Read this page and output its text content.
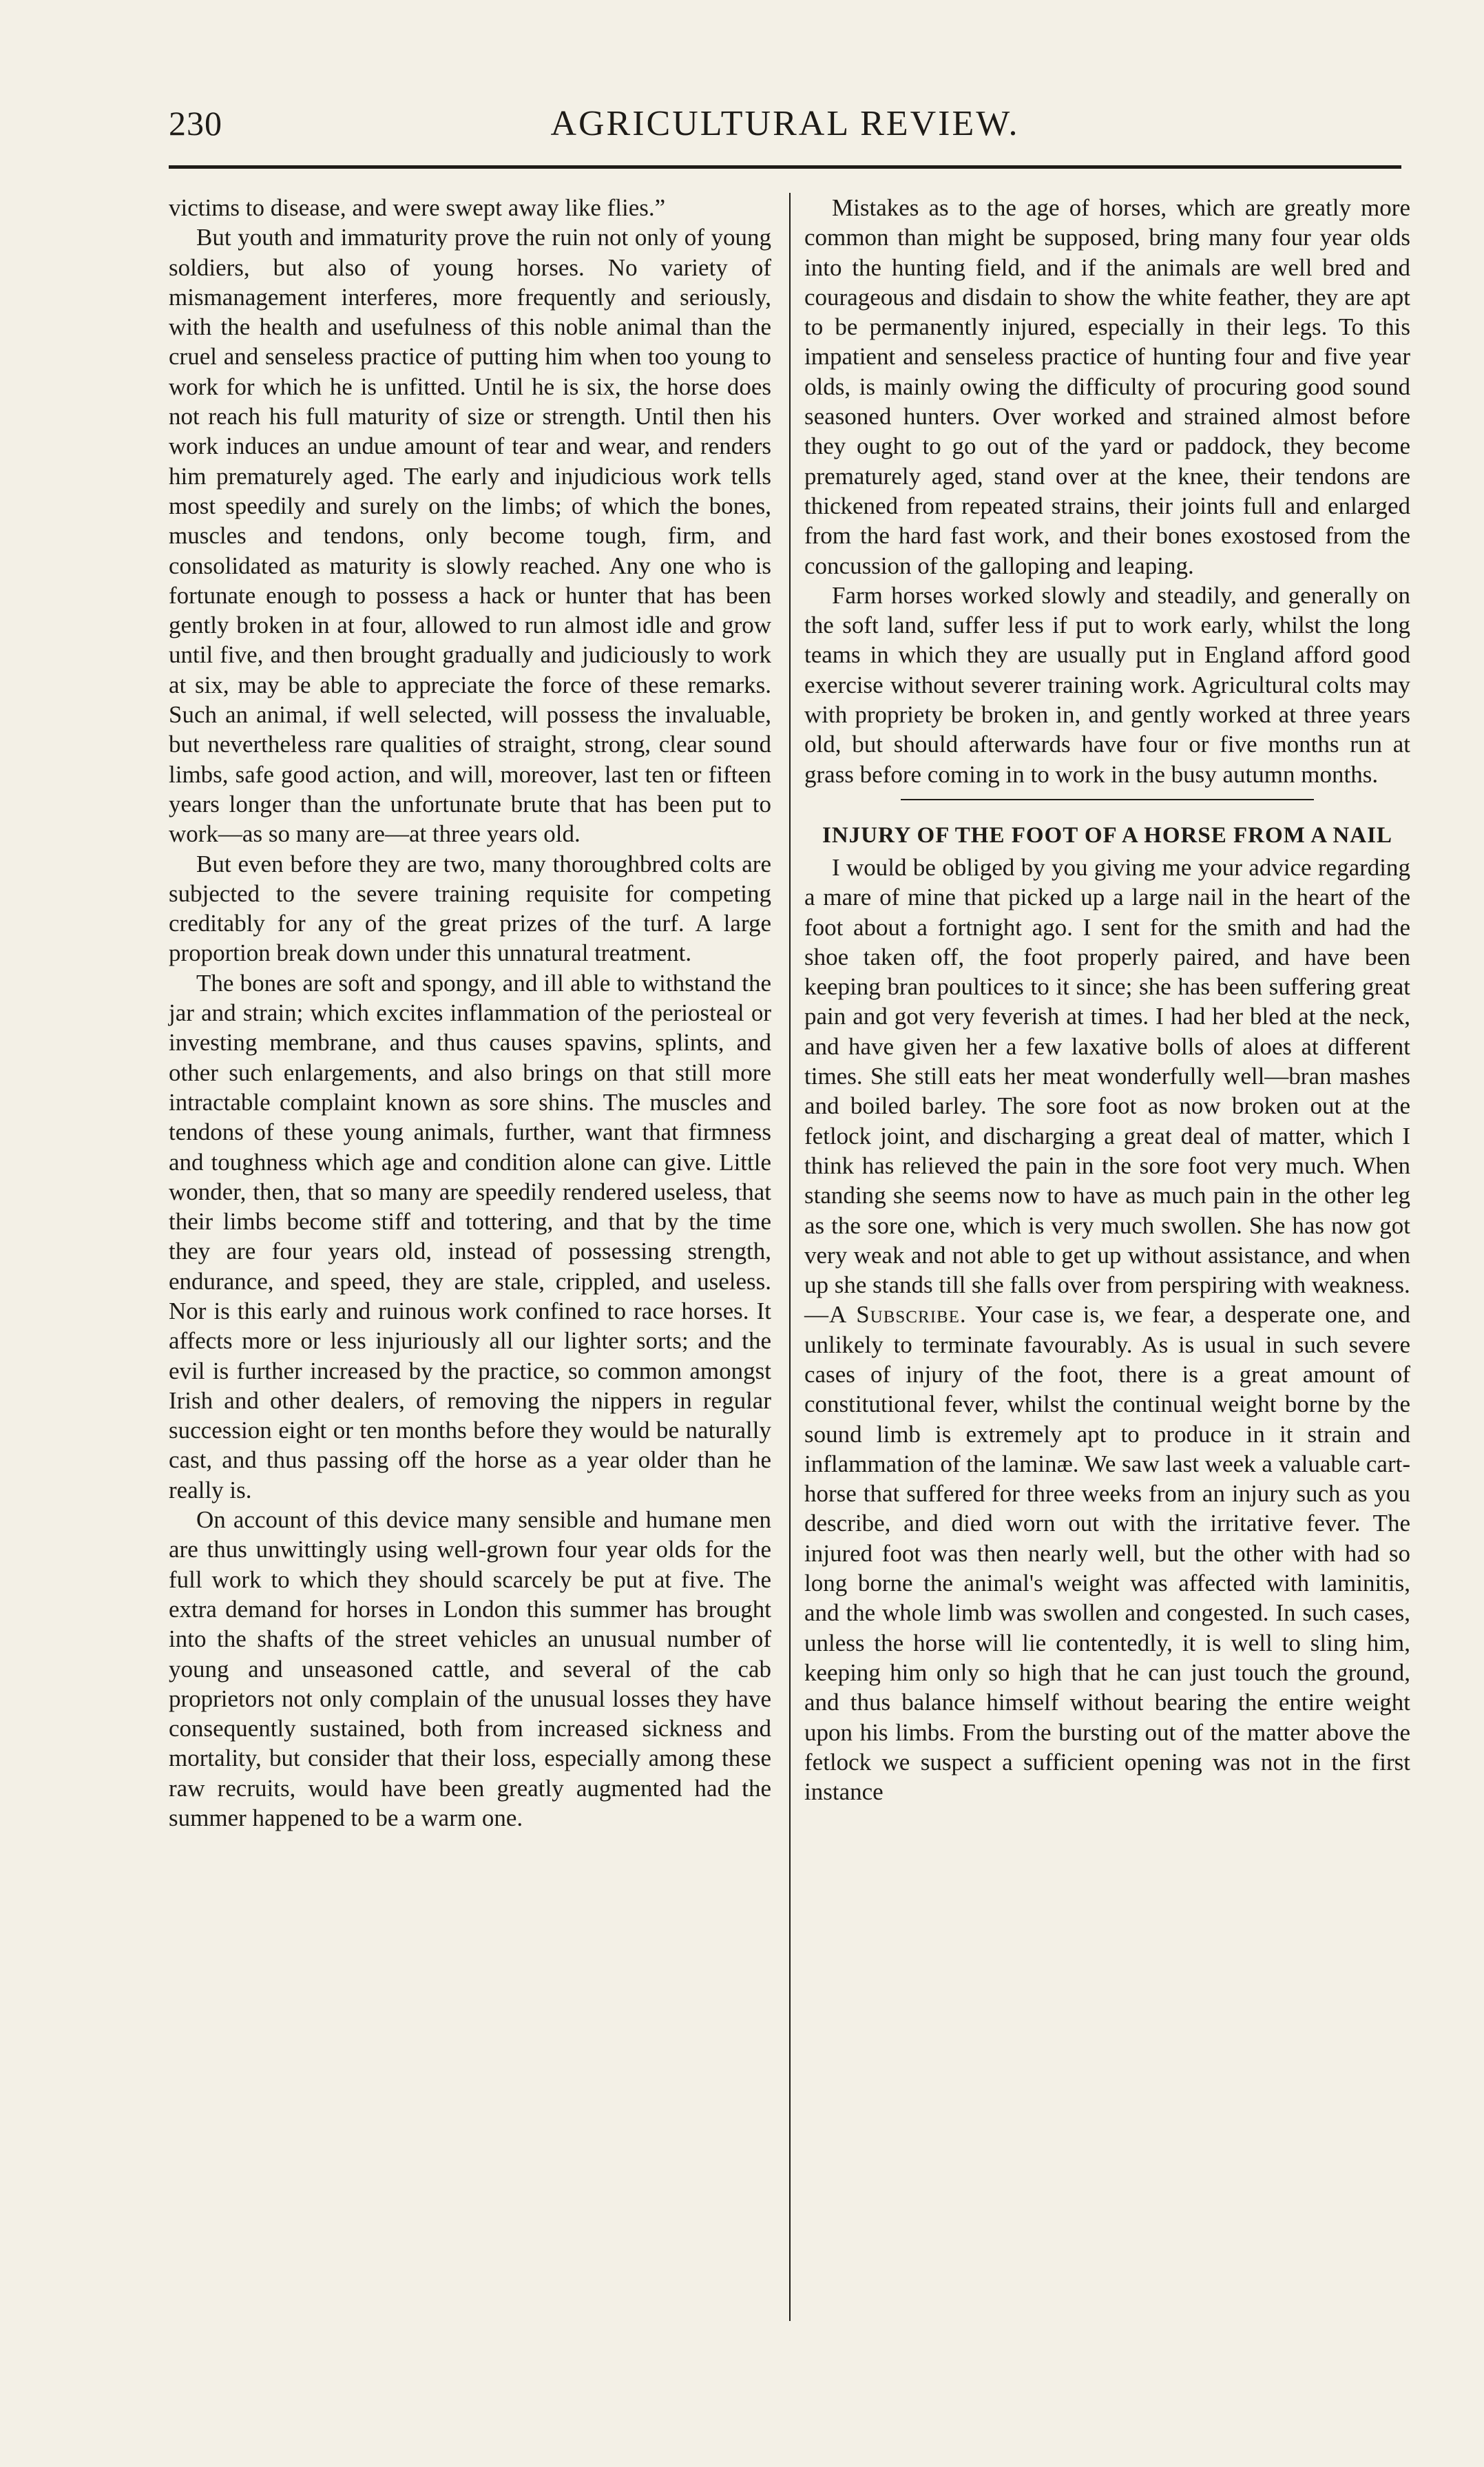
230	AGRICULTURAL REVIEW.

victims to disease, and were swept away like flies.”

But youth and immaturity prove the ruin not only of young soldiers, but also of young horses. No variety of mismanagement interferes, more frequently and seriously, with the health and usefulness of this noble animal than the cruel and senseless practice of putting him when too young to work for which he is unfitted. Until he is six, the horse does not reach his full maturity of size or strength. Until then his work induces an undue amount of tear and wear, and renders him prematurely aged. The early and injudicious work tells most speedily and surely on the limbs; of which the bones, muscles and tendons, only become tough, firm, and consolidated as maturity is slowly reached. Any one who is fortunate enough to possess a hack or hunter that has been gently broken in at four, allowed to run almost idle and grow until five, and then brought gradually and judiciously to work at six, may be able to appreciate the force of these remarks. Such an animal, if well selected, will possess the invaluable, but nevertheless rare qualities of straight, strong, clear sound limbs, safe good action, and will, moreover, last ten or fifteen years longer than the unfortunate brute that has been put to work—as so many are—at three years old.

But even before they are two, many thoroughbred colts are subjected to the severe training requisite for competing creditably for any of the great prizes of the turf. A large proportion break down under this unnatural treatment.

The bones are soft and spongy, and ill able to withstand the jar and strain; which excites inflammation of the periosteal or investing membrane, and thus causes spavins, splints, and other such enlargements, and also brings on that still more intractable complaint known as sore shins. The muscles and tendons of these young animals, further, want that firmness and toughness which age and condition alone can give. Little wonder, then, that so many are speedily rendered useless, that their limbs become stiff and tottering, and that by the time they are four years old, instead of possessing strength, endurance, and speed, they are stale, crippled, and useless. Nor is this early and ruinous work confined to race horses. It affects more or less injuriously all our lighter sorts; and the evil is further increased by the practice, so common amongst Irish and other dealers, of removing the nippers in regular succession eight or ten months before they would be naturally cast, and thus passing off the horse as a year older than he really is.

On account of this device many sensible and humane men are thus unwittingly using well-grown four year olds for the full work to which they should scarcely be put at five. The extra demand for horses in London this summer has brought into the shafts of the street vehicles an unusual number of young and unseasoned cattle, and several of the cab proprietors not only complain of the unusual losses they have consequently sustained, both from increased sickness and mortality, but consider that their loss, especially among these raw recruits, would have been greatly augmented had the summer happened to be a warm one.

Mistakes as to the age of horses, which are greatly more common than might be supposed, bring many four year olds into the hunting field, and if the animals are well bred and courageous and disdain to show the white feather, they are apt to be permanently injured, especially in their legs. To this impatient and senseless practice of hunting four and five year olds, is mainly owing the difficulty of procuring good sound seasoned hunters. Over worked and strained almost before they ought to go out of the yard or paddock, they become prematurely aged, stand over at the knee, their tendons are thickened from repeated strains, their joints full and enlarged from the hard fast work, and their bones exostosed from the concussion of the galloping and leaping.

Farm horses worked slowly and steadily, and generally on the soft land, suffer less if put to work early, whilst the long teams in which they are usually put in England afford good exercise without severer training work. Agricultural colts may with propriety be broken in, and gently worked at three years old, but should afterwards have four or five months run at grass before coming in to work in the busy autumn months.

INJURY OF THE FOOT OF A HORSE FROM A NAIL

I would be obliged by you giving me your advice regarding a mare of mine that picked up a large nail in the heart of the foot about a fortnight ago. I sent for the smith and had the shoe taken off, the foot properly paired, and have been keeping bran poultices to it since; she has been suffering great pain and got very feverish at times. I had her bled at the neck, and have given her a few laxative bolls of aloes at different times. She still eats her meat wonderfully well—bran mashes and boiled barley. The sore foot as now broken out at the fetlock joint, and discharging a great deal of matter, which I think has relieved the pain in the sore foot very much. When standing she seems now to have as much pain in the other leg as the sore one, which is very much swollen. She has now got very weak and not able to get up without assistance, and when up she stands till she falls over from perspiring with weakness.

—A Subscribe. Your case is, we fear, a desperate one, and unlikely to terminate favourably. As is usual in such severe cases of injury of the foot, there is a great amount of constitutional fever, whilst the continual weight borne by the sound limb is extremely apt to produce in it strain and inflammation of the laminæ. We saw last week a valuable cart-horse that suffered for three weeks from an injury such as you describe, and died worn out with the irritative fever. The injured foot was then nearly well, but the other with had so long borne the animal's weight was affected with laminitis, and the whole limb was swollen and congested. In such cases, unless the horse will lie contentedly, it is well to sling him, keeping him only so high that he can just touch the ground, and thus balance himself without bearing the entire weight upon his limbs. From the bursting out of the matter above the fetlock we suspect a sufficient opening was not in the first instance
